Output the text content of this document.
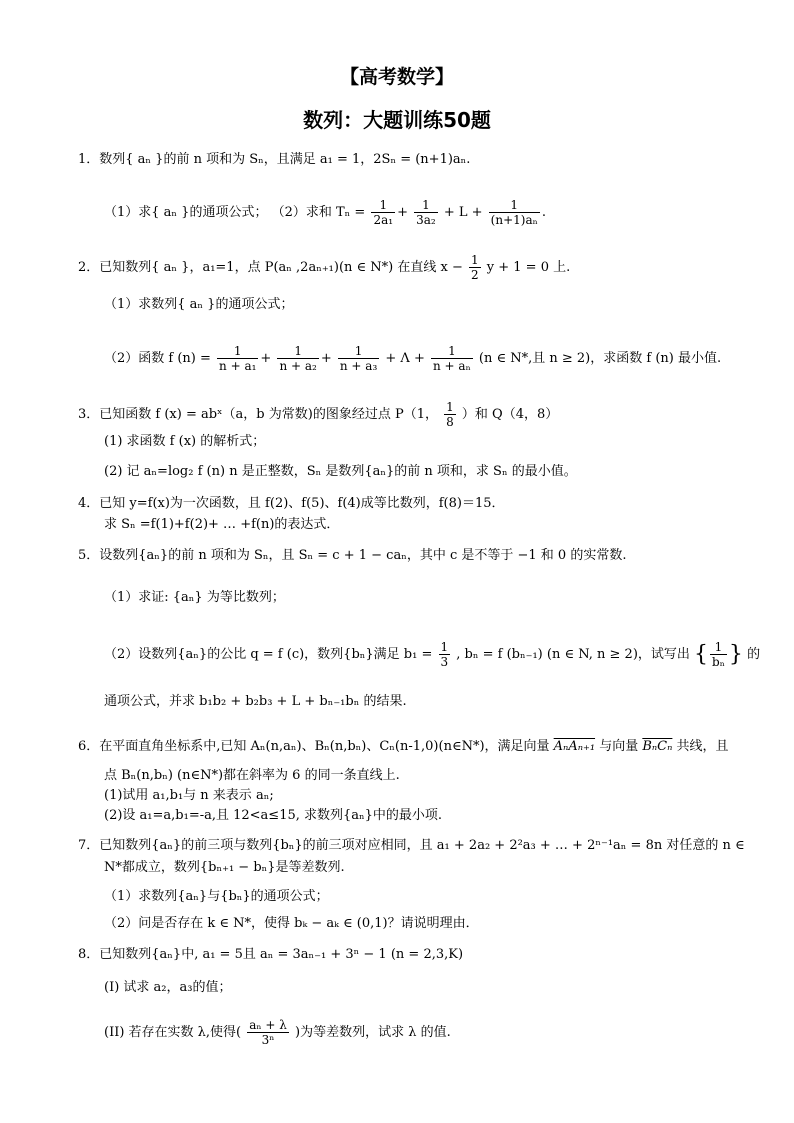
【高考数学】
数列：大题训练50题
1．数列{ aₙ }的前 n 项和为 Sₙ，且满足 a₁ = 1，2Sₙ = (n+1)aₙ.
（1）求{ aₙ }的通项公式； （2）求和 $T_n = \frac{1}{\text{2a₁}} + \frac{1}{\text{3a₂}} + L + \frac{1}{\text{(n+1)aₙ}}$ .
2．已知数列{ aₙ }，a₁=1，点 P(aₙ ,2aₙ₊₁)(n ∈ N*) 在直线 $x - \frac{1}{2}$ y + 1 = 0 上.
（1）求数列{ aₙ }的通项公式；
（2）函数 f $(n) = \frac{1}{\text{n + a₁}} + \frac{1}{\text{n + a₂}} + \frac{1}{\text{n + a₃}} + \Lambda + \frac{1}{\text{n + aₙ}} (n$ ∈ N*,且 n ≥ 2)，求函数 f (n) 最小值.
3．已知函数 f (x) = abˣ（a，b 为常数)的图象经过点 P（1， $\frac{1}{8}$ ）和 Q（4，8）
(1) 求函数 f (x) 的解析式；
(2) 记 aₙ=log₂ f (n) n 是正整数，Sₙ 是数列{aₙ}的前 n 项和，求 Sₙ 的最小值。
4．已知 y=f(x)为一次函数，且 f(2)、f(5)、f(4)成等比数列，f(8)＝15．
求 Sₙ =f(1)+f(2)+ … +f(n)的表达式．
5．设数列{aₙ}的前 n 项和为 Sₙ，且 Sₙ = c + 1 − caₙ，其中 c 是不等于 −1 和 0 的实常数.
（1）求证: {aₙ} 为等比数列；
（2）设数列{aₙ}的公比 q = f (c)，数列{bₙ}满足 $b_1 = \frac{1}{3}$ , bₙ = f (bₙ₋₁) (n ∈ N, n ≥ 2)，试写出 { $\frac{1}{\text{bₙ}}$ } 的
通项公式，并求 b₁b₂ + b₂b₃ + L + bₙ₋₁bₙ 的结果.
6．在平面直角坐标系中,已知 Aₙ(n,aₙ)、Bₙ(n,bₙ)、Cₙ(n-1,0)(n∈N*)，满足向量 AₙAₙ₊₁ 与向量 BₙCₙ 共线，且
点 Bₙ(n,bₙ) (n∈N*)都在斜率为 6 的同一条直线上.
(1)试用 a₁,b₁与 n 来表示 aₙ;
(2)设 a₁=a,b₁=-a,且 12<a≤15, 求数列{aₙ}中的最小项.
7．已知数列{aₙ}的前三项与数列{bₙ}的前三项对应相同，且 a₁ + 2a₂ + 2²a₃ + … + 2ⁿ⁻¹aₙ = 8n 对任意的 n ∈
N*都成立，数列{bₙ₊₁ − bₙ}是等差数列.
（1）求数列{aₙ}与{bₙ}的通项公式；
（2）问是否存在 k ∈ N*，使得 bₖ − aₖ ∈ (0,1)？请说明理由．
8．已知数列{aₙ}中, a₁ = 5且 aₙ = 3aₙ₋₁ + 3ⁿ − 1 (n = 2,3,K)
(I) 试求 a₂，a₃的值；
(II) 若存在实数 λ,使得( $\frac{\text{aₙ + λ}}{\text{3ⁿ}}$ )为等差数列，试求 λ 的值.
